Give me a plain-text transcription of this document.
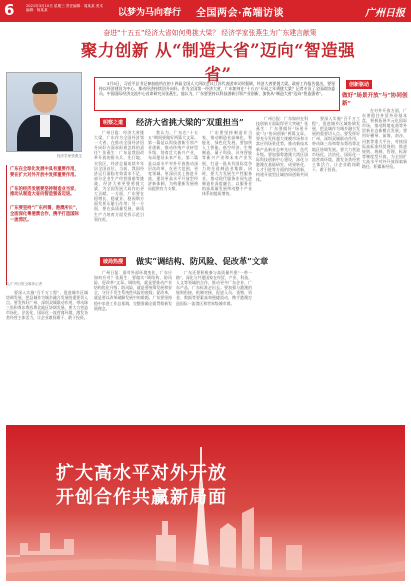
6	2021年3月10日 星期三 责任编辑：周某某 美术编辑：杨某某	以梦为马向春行 全国两会·高端访谈	广州日报
奋进“十五五”经济大省如何勇挑大梁？ 经济学家张燕生为广东建言献策
聚力创新 从“制造大省”迈向“智造强省”
经济学家张燕生
广东在全球化发展中具有重要作用，要在扩大对外开放中发挥重要作用。
广东的经济发展要坚持制造业当家，推动从制造大省向智造强省迈进。
广东要坚持“广东所需、港澳所长”，全面深化粤港澳合作，携手打造国际一流湾区。
文/广州日报全媒体记者

3月5日，习近平总书记参加他所在的十四届全国人大四次会议江苏代表团审议时强调，经济大省要挑大梁。政府工作报告提出，要坚持以经济建设为中心，推动经济持续回升向好。作为全国第一经济大省，广东如何在“十五五”开局之年勇挑大梁？记者专访了全国政协委员、中国国际经济交流中心首席研究员张燕生。他认为，广东要坚持以科技创新引领产业创新，加快从“制造大省”迈向“智造强省”。

创新驱动
做好“场景开放”与“协同创新”
明察之道	经济大省挑大梁的“双重担当”
破局热搜	做实“调结构、防风险、促改革”文章

广州日报：经济大省挑大梁，广东作为全国经济第一大省，在推动全国经济回升向好方面承担着怎样的责任？张燕生：广东是我国改革开放的排头兵、先行地、实验区，经济总量连续多年居全国首位。当前，我国经济运行面临有效需求不足、部分企业生产经营困难等挑战，经济大省更要勇挑大梁，为全国发展大局作出更大贡献。一方面，广东要在稳增长、稳就业、稳预期方面发挥压舱石作用；另一方面，要在高质量发展、新质生产力培育方面发挥示范引领作用。

我认为，广东在“十五五”期间要做好两篇大文章。第一篇是以科技创新引领产业创新，推动传统产业转型升级，培育壮大新兴产业，布局建设未来产业。第二篇是以高水平对外开放推动深层次改革，在更大范围、更宽领域、更深层次上推进开放，建设更高水平开放型经济新体制，为构建新发展格局提供有力支撑。

广东要坚持制造业当家，推动制造业高端化、智能化、绿色化发展。要加快人工智能、低空经济、生物制造、量子科技、具身智能等新兴产业和未来产业发展，打造一批具有国际竞争力的先进制造业集群。同时，要大力发展生产性服务业，推动现代服务业同先进制造业深度融合，以服务业的高质量发展带动整个产业体系的提质增效。

广州日报：广东如何在科技创新方面取得更大突破？张燕生：广东要做好“场景开放”与“协同创新”两篇文章。要充分发挥超大规模市场和丰富应用场景优势，推动新技术新产品新业态率先应用、迭代升级。要加强粤港澳大湾区国际科技创新中心建设，深化与港澳在基础研究、成果转化、人才引进等方面的协同创新，构建开放型区域协同创新共同体。

要深入实施“百千万工程”，促进城乡区域协调发展，把县域作为城乡融合发展的重要切入点。要发挥好广州、深圳双城联动作用，带动珠三角和粤东粤西粤北地区协调发展。要大力营造市场化、法治化、国际化一流营商环境，激发各类经营主体活力，让企业敢闯敢干、敢于投资。

在对外开放方面，广东要稳住外贸外资基本盘，积极拓展多元化国际市场，推动跨境电商等外贸新业态新模式发展。要用好横琴、前海、南沙、河套等重大平台，对接国际高标准经贸规则，推进规则、规制、管理、标准等制度型开放，为全国扩大高水平对外开放探索新路径、积累新经验。

广州日报：面对外部环境变化，广东应如何应对？张燕生：要做实“调结构、防风险、促改革”文章。调结构，就是要推动产业结构优化升级；防风险，就是要统筹发展和安全，守住不发生系统性风险的底线；促改革，就是要以改革破解发展中的难题。广东要坚持稳中求进工作总基调，完整准确全面贯彻新发展理念。

广东还要积极参与高质量共建“一带一路”，深化与共建国家在经贸、产业、科技、人文等领域的合作，推动更多广东企业、广东产品、广东标准走出去。要加强与港澳的规则衔接、机制对接，促进人员、货物、资金、数据等要素高效便捷流动，携手港澳打造国际一流湾区和世界级城市群。

要深入实施“百千万工程”，促进城乡区域协调发展，把县域作为城乡融合发展的重要切入点。要发挥好广州、深圳双城联动作用，带动珠三角和粤东粤西粤北地区协调发展。要大力营造市场化、法治化、国际化一流营商环境，激发各类经营主体活力，让企业敢闯敢干、敢于投资。

扩大高水平对外开放
开创合作共赢新局面
